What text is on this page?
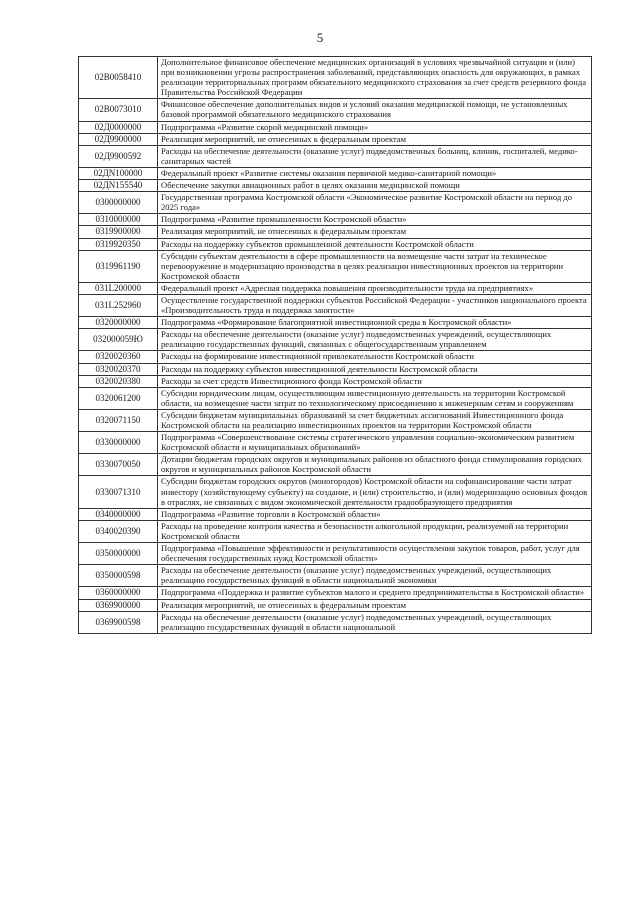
5
02В0058410	Дополнительное финансовое обеспечение медицинских организаций в условиях чрезвычайной ситуации и (или) при возникновении угрозы распространения заболеваний, представляющих опасность для окружающих, в рамках реализации территориальных программ обязательного медицинского страхования за счет средств резервного фонда Правительства Российской Федерации
02В0073010	Финансовое обеспечение дополнительных видов и условий оказания медицинской помощи, не установленных базовой программой обязательного медицинского страхования
02Д0000000	Подпрограмма «Развитие скорой медицинской помощи»
02Д9900000	Реализация мероприятий, не отнесенных к федеральным проектам
02Д9900592	Расходы на обеспечение деятельности (оказание услуг) подведомственных больниц, клиник, госпиталей, медико-санитарных частей
02ДN100000	Федеральный проект «Развитие системы оказания первичной медико-санитарной помощи»
02ДN155540	Обеспечение закупки авиационных работ в целях оказания медицинской помощи
0300000000	Государственная программа Костромской области «Экономическое развитие Костромской области на период до 2025 года»
0310000000	Подпрограмма «Развитие промышленности Костромской области»
0319900000	Реализация мероприятий, не отнесенных к федеральным проектам
0319920350	Расходы на поддержку субъектов промышленной деятельности Костромской области
0319961190	Субсидии субъектам деятельности в сфере промышленности на возмещение части затрат на техническое перевооружение и модернизацию производства в целях реализации инвестиционных проектов на территории Костромской области
031L200000	Федеральный проект «Адресная поддержка повышения производительности труда на предприятиях»
031L252960	Осуществление государственной поддержки субъектов Российской Федерации - участников национального проекта «Производительность труда и поддержка занятости»
0320000000	Подпрограмма «Формирование благоприятной инвестиционной среды в Костромской области»
032000059Ю	Расходы на обеспечение деятельности (оказание услуг) подведомственных учреждений, осуществляющих реализацию государственных функций, связанных с общегосударственным управлением
0320020360	Расходы на формирование инвестиционной привлекательности Костромской области
0320020370	Расходы на поддержку субъектов инвестиционной деятельности Костромской области
0320020380	Расходы за счет средств Инвестиционного фонда Костромской области
0320061200	Субсидии юридическим лицам, осуществляющим инвестиционную деятельность на территории Костромской области, на возмещение части затрат по технологическому присоединению к инженерным сетям и сооружениям
0320071150	Субсидии бюджетам муниципальных образований за счет бюджетных ассигнований Инвестиционного фонда Костромской области на реализацию инвестиционных проектов на территории Костромской области
0330000000	Подпрограмма «Совершенствование системы стратегического управления социально-экономическим развитием Костромской области и муниципальных образований»
0330070050	Дотации бюджетам городских округов и муниципальных районов из областного фонда стимулирования городских округов и муниципальных районов Костромской области
0330071310	Субсидии бюджетам городских округов (моногородов) Костромской области на софинансирование части затрат инвестору (хозяйствующему субъекту) на создание, и (или) строительство, и (или) модернизацию основных фондов в отраслях, не связанных с видом экономической деятельности градообразующего предприятия
0340000000	Подпрограмма «Развитие торговли в Костромской области»
0340020390	Расходы на проведение контроля качества и безопасности алкогольной продукции, реализуемой на территории Костромской области
0350000000	Подпрограмма «Повышение эффективности и результативности осуществления закупок товаров, работ, услуг для обеспечения государственных нужд Костромской области»
0350000598	Расходы на обеспечение деятельности (оказание услуг) подведомственных учреждений, осуществляющих реализацию государственных функций в области национальной экономики
0360000000	Подпрограмма «Поддержка и развитие субъектов малого и среднего предпринимательства в Костромской области»
0369900000	Реализация мероприятий, не отнесенных к федеральным проектам
0369900598	Расходы на обеспечение деятельности (оказание услуг) подведомственных учреждений, осуществляющих реализацию государственных функций в области национальной
